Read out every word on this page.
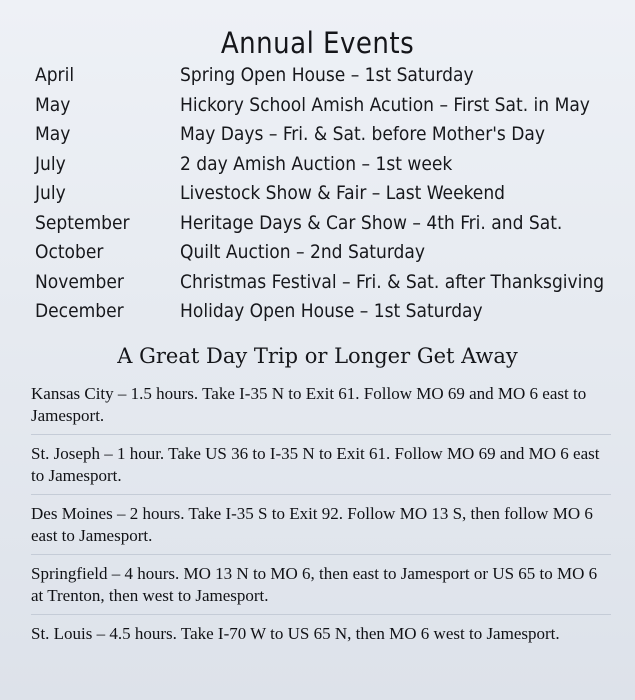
Annual Events
April	Spring Open House – 1st Saturday
May	Hickory School Amish Acution – First Sat. in May
May	May Days – Fri. & Sat. before Mother's Day
July	2 day Amish Auction – 1st week
July	Livestock Show & Fair – Last Weekend
September	Heritage Days & Car Show – 4th Fri. and Sat.
October	Quilt Auction – 2nd Saturday
November	Christmas Festival – Fri. & Sat. after Thanksgiving
December	Holiday Open House – 1st Saturday
A Great Day Trip or Longer Get Away
Kansas City – 1.5 hours. Take I-35 N to Exit 61. Follow MO 69 and MO 6 east to Jamesport.
St. Joseph – 1 hour. Take US 36 to I-35 N to Exit 61. Follow MO 69 and MO 6 east to Jamesport.
Des Moines – 2 hours. Take I-35 S to Exit 92. Follow MO 13 S, then follow MO 6 east to Jamesport.
Springfield – 4 hours. MO 13 N to MO 6, then east to Jamesport or US 65 to MO 6 at Trenton, then west to Jamesport.
St. Louis – 4.5 hours. Take I-70 W to US 65 N, then MO 6 west to Jamesport.
